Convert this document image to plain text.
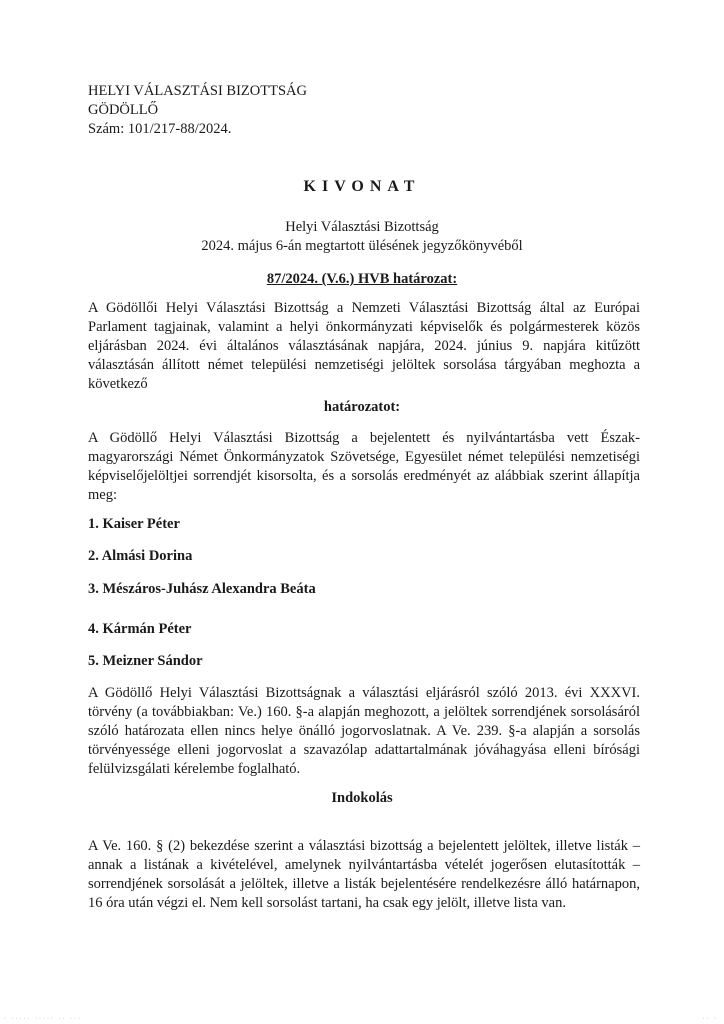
HELYI VÁLASZTÁSI BIZOTTSÁG
GÖDÖLLŐ
Szám: 101/217-88/2024.
KIVONAT
Helyi Választási Bizottság
2024. május 6-án megtartott ülésének jegyzőkönyvéből
87/2024. (V.6.) HVB határozat:
A Gödöllői Helyi Választási Bizottság a Nemzeti Választási Bizottság által az Európai Parlament tagjainak, valamint a helyi önkormányzati képviselők és polgármesterek közös eljárásban 2024. évi általános választásának napjára, 2024. június 9. napjára kitűzött választásán állított német települési nemzetiségi jelöltek sorsolása tárgyában meghozta a következő
határozatot:
A Gödöllő Helyi Választási Bizottság a bejelentett és nyilvántartásba vett Észak-magyarországi Német Önkormányzatok Szövetsége, Egyesület német települési nemzetiségi képviselőjelöltjei sorrendjét kisorsolta, és a sorsolás eredményét az alábbiak szerint állapítja meg:
1. Kaiser Péter
2. Almási Dorina
3. Mészáros-Juhász Alexandra Beáta
4. Kármán Péter
5. Meizner Sándor
A Gödöllő Helyi Választási Bizottságnak a választási eljárásról szóló 2013. évi XXXVI. törvény (a továbbiakban: Ve.) 160. §-a alapján meghozott, a jelöltek sorrendjének sorsolásáról szóló határozata ellen nincs helye önálló jogorvoslatnak. A Ve. 239. §-a alapján a sorsolás törvényessége elleni jogorvoslat a szavazólap adattartalmának jóváhagyása elleni bírósági felülvizsgálati kérelembe foglalható.
Indokolás
A Ve. 160. § (2) bekezdése szerint a választási bizottság a bejelentett jelöltek, illetve listák – annak a listának a kivételével, amelynek nyilvántartásba vételét jogerősen elutasították – sorrendjének sorsolását a jelöltek, illetve a listák bejelentésére rendelkezésre álló határnapon, 16 óra után végzi el. Nem kell sorsolást tartani, ha csak egy jelölt, illetve lista van.
· ····· ····· ·· ···	·· ·
